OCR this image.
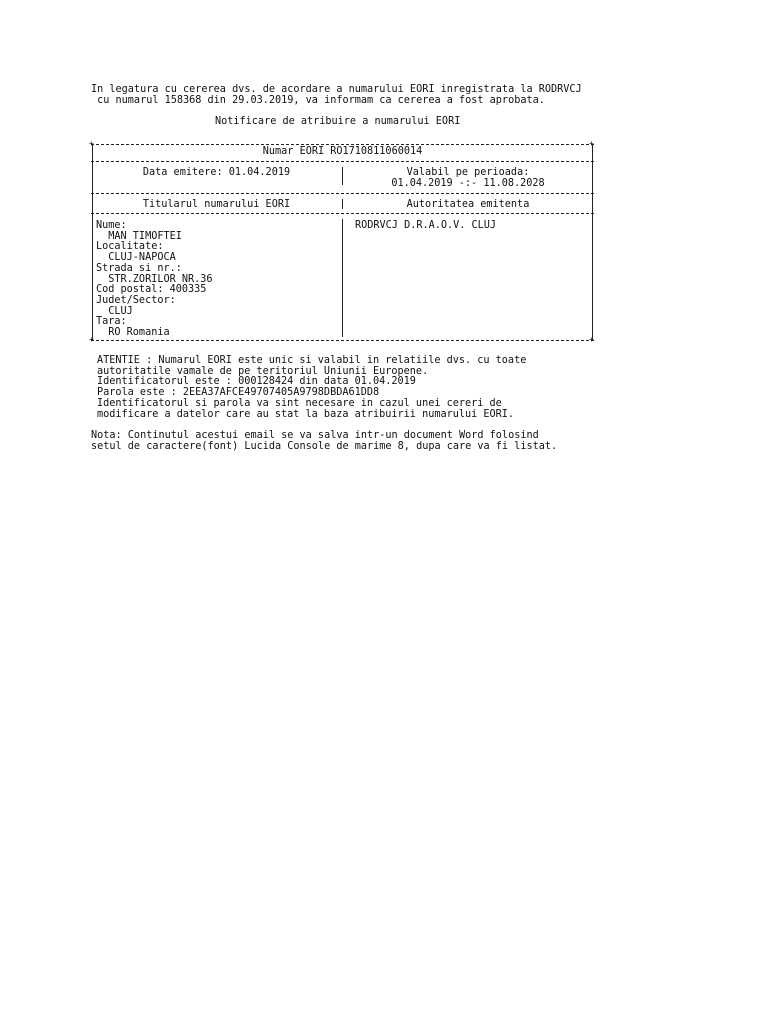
In legatura cu cererea dvs. de acordare a numarului EORI inregistrata la RODRVCJ
cu numarul 158368 din 29.03.2019, va informam ca cererea a fost aprobata.
Notificare de atribuire a numarului EORI
+	+
+	+
Numar EORI RO1710811060014
Data emitere: 01.04.2019	Valabil pe perioada:
01.04.2019 -:- 11.08.2028
Titularul numarului EORI	Autoritatea emitenta
Nume:
MAN TIMOFTEI
Localitate:
CLUJ-NAPOCA
Strada si nr.:
STR.ZORILOR NR.36
Cod postal: 400335
Judet/Sector:
CLUJ
Tara:
RO Romania
RODRVCJ D.R.A.O.V. CLUJ
ATENTIE : Numarul EORI este unic si valabil in relatiile dvs. cu toate
autoritatile vamale de pe teritoriul Uniunii Europene.
Identificatorul este : 000128424 din data 01.04.2019
Parola este : 2EEA37AFCE49707405A9798DBDA61DD8
Identificatorul si parola va sint necesare in cazul unei cereri de
modificare a datelor care au stat la baza atribuirii numarului EORI.
Nota: Continutul acestui email se va salva intr-un document Word folosind
setul de caractere(font) Lucida Console de marime 8, dupa care va fi listat.
